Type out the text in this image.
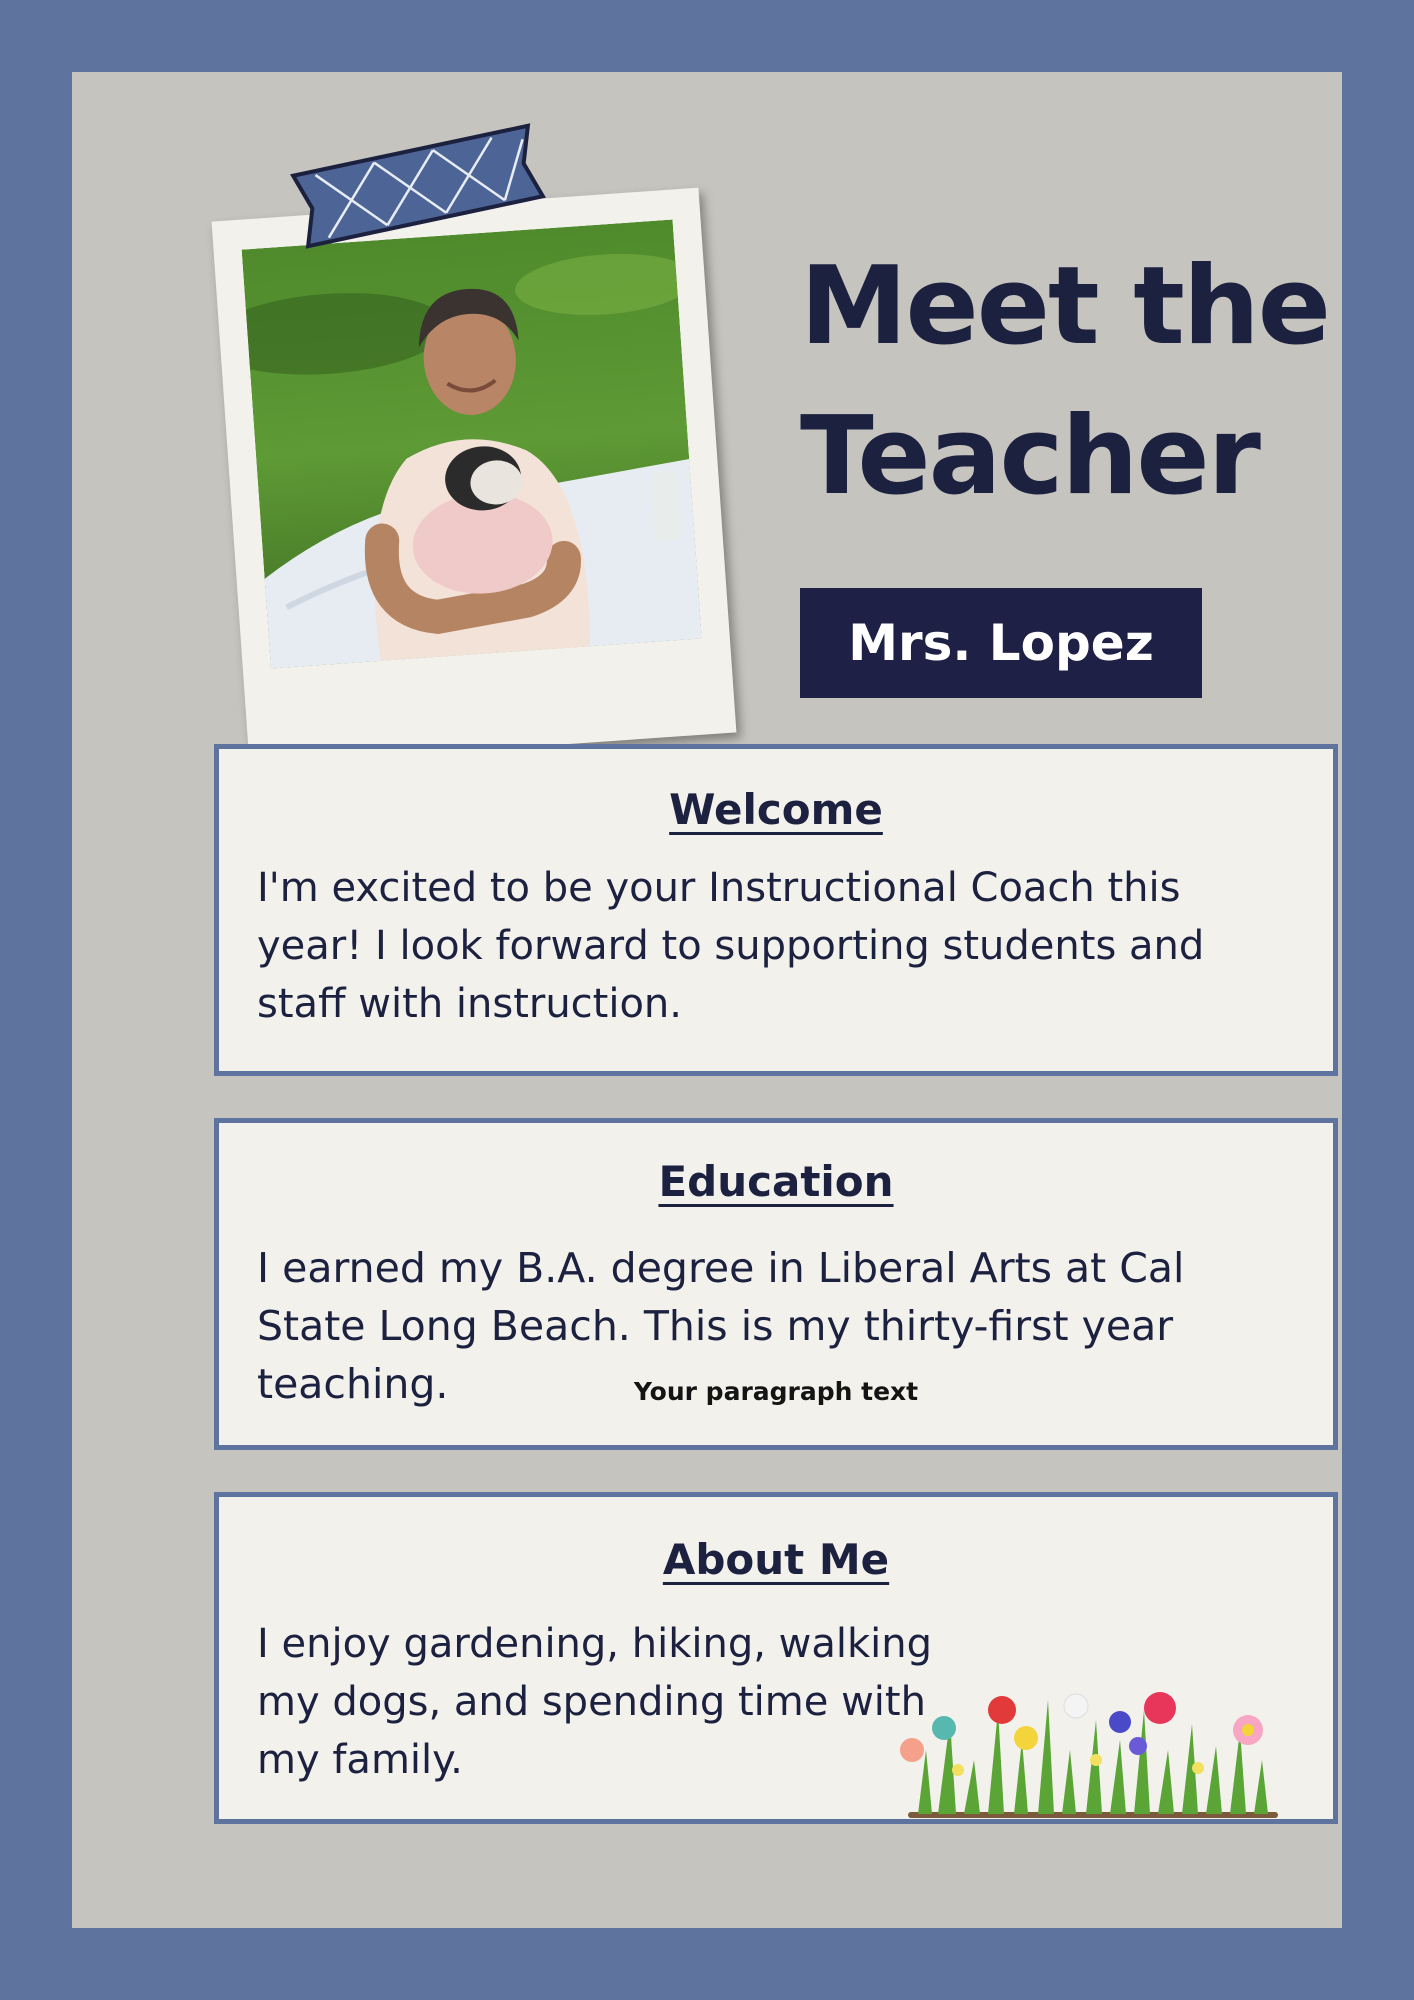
Meet the Teacher
Mrs. Lopez
Welcome

I'm excited to be your Instructional Coach this year! I look forward to supporting students and staff with instruction.

Education

I earned my B.A. degree in Liberal Arts at Cal State Long Beach. This is my thirty-first year teaching.	Your paragraph text
About Me

I enjoy gardening, hiking, walking my dogs, and spending time with my family.
